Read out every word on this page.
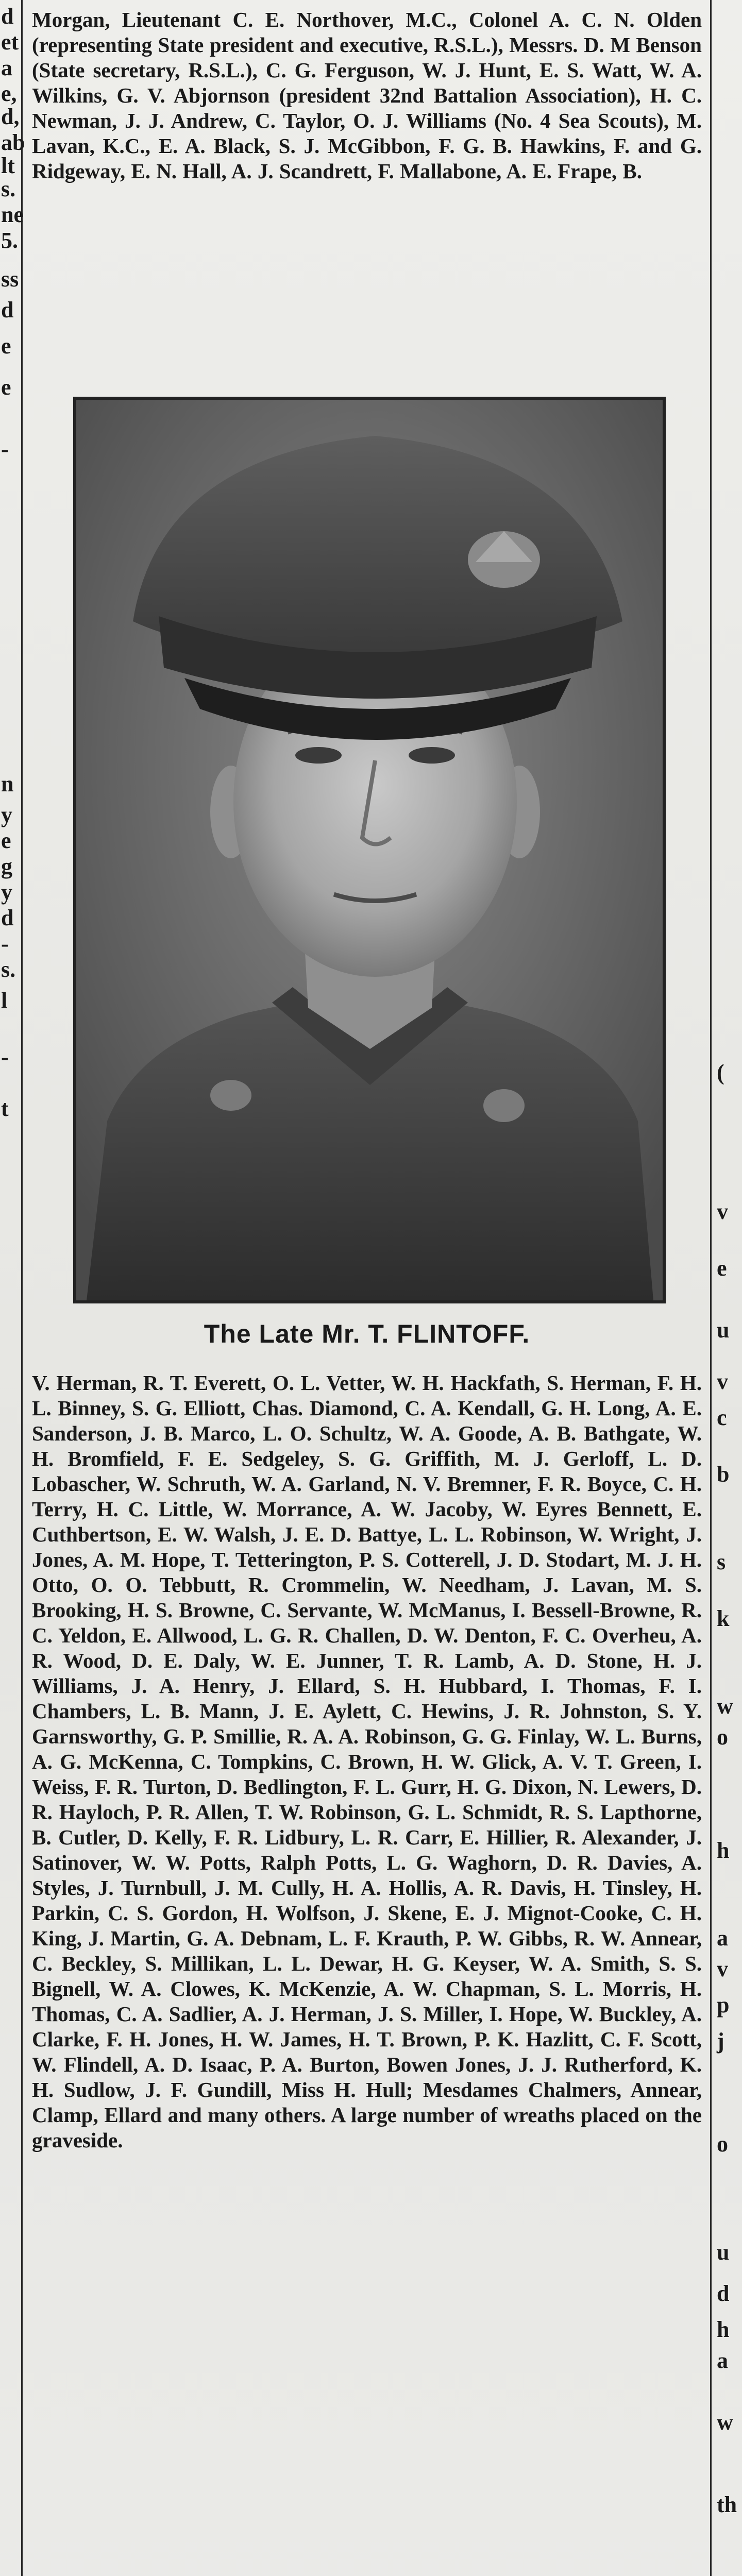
d
et
a
e,
d,
ab
lt
s.
ne
5.
ss
d
e
e
-
n
y
e
g
y
d
-
s.
l
-
t

Morgan, Lieutenant C. E. Northover, M.C., Colonel A. C. N. Olden (representing State president and executive, R.S.L.), Messrs. D. M Benson (State secretary, R.S.L.), C. G. Ferguson, W. J. Hunt, E. S. Watt, W. A. Wilkins, G. V. Abjornson (president 32nd Battalion Association), H. C. Newman, J. J. Andrew, C. Taylor, O. J. Williams (No. 4 Sea Scouts), M. Lavan, K.C., E. A. Black, S. J. McGibbon, F. G. B. Hawkins, F. and G. Ridgeway, E. N. Hall, A. J. Scandrett, F. Mallabone, A. E. Frape, B.

The Late Mr. T. FLINTOFF.

V. Herman, R. T. Everett, O. L. Vetter, W. H. Hackfath, S. Herman, F. H. L. Binney, S. G. Elliott, Chas. Diamond, C. A. Kendall, G. H. Long, A. E. Sanderson, J. B. Marco, L. O. Schultz, W. A. Goode, A. B. Bathgate, W. H. Bromfield, F. E. Sedgeley, S. G. Griffith, M. J. Gerloff, L. D. Lobascher, W. Schruth, W. A. Garland, N. V. Bremner, F. R. Boyce, C. H. Terry, H. C. Little, W. Morrance, A. W. Jacoby, W. Eyres Bennett, E. Cuthbertson, E. W. Walsh, J. E. D. Battye, L. L. Robinson, W. Wright, J. Jones, A. M. Hope, T. Tetterington, P. S. Cotterell, J. D. Stodart, M. J. H. Otto, O. O. Tebbutt, R. Crommelin, W. Needham, J. Lavan, M. S. Brooking, H. S. Browne, C. Servante, W. McManus, I. Bessell-Browne, R. C. Yeldon, E. Allwood, L. G. R. Challen, D. W. Denton, F. C. Overheu, A. R. Wood, D. E. Daly, W. E. Junner, T. R. Lamb, A. D. Stone, H. J. Williams, J. A. Henry, J. Ellard, S. H. Hubbard, I. Thomas, F. I. Chambers, L. B. Mann, J. E. Aylett, C. Hewins, J. R. Johnston, S. Y. Garnsworthy, G. P. Smillie, R. A. A. Robinson, G. G. Finlay, W. L. Burns, A. G. McKenna, C. Tompkins, C. Brown, H. W. Glick, A. V. T. Green, I. Weiss, F. R. Turton, D. Bedlington, F. L. Gurr, H. G. Dixon, N. Lewers, D. R. Hayloch, P. R. Allen, T. W. Robinson, G. L. Schmidt, R. S. Lapthorne, B. Cutler, D. Kelly, F. R. Lidbury, L. R. Carr, E. Hillier, R. Alexander, J. Satinover, W. W. Potts, Ralph Potts, L. G. Waghorn, D. R. Davies, A. Styles, J. Turnbull, J. M. Cully, H. A. Hollis, A. R. Davis, H. Tinsley, H. Parkin, C. S. Gordon, H. Wolfson, J. Skene, E. J. Mignot-Cooke, C. H. King, J. Martin, G. A. Debnam, L. F. Krauth, P. W. Gibbs, R. W. Annear, C. Beckley, S. Millikan, L. L. Dewar, H. G. Keyser, W. A. Smith, S. S. Bignell, W. A. Clowes, K. McKenzie, A. W. Chapman, S. L. Morris, H. Thomas, C. A. Sadlier, A. J. Herman, J. S. Miller, I. Hope, W. Buckley, A. Clarke, F. H. Jones, H. W. James, H. T. Brown, P. K. Hazlitt, C. F. Scott, W. Flindell, A. D. Isaac, P. A. Burton, Bowen Jones, J. J. Rutherford, K. H. Sudlow, J. F. Gundill, Miss H. Hull; Mesdames Chalmers, Annear, Clamp, Ellard and many others. A large number of wreaths placed on the graveside.

(
v
e
u
v
c
b
s
k
w
o
h
a
v
p
j
o
u
d
h
a
w
th
